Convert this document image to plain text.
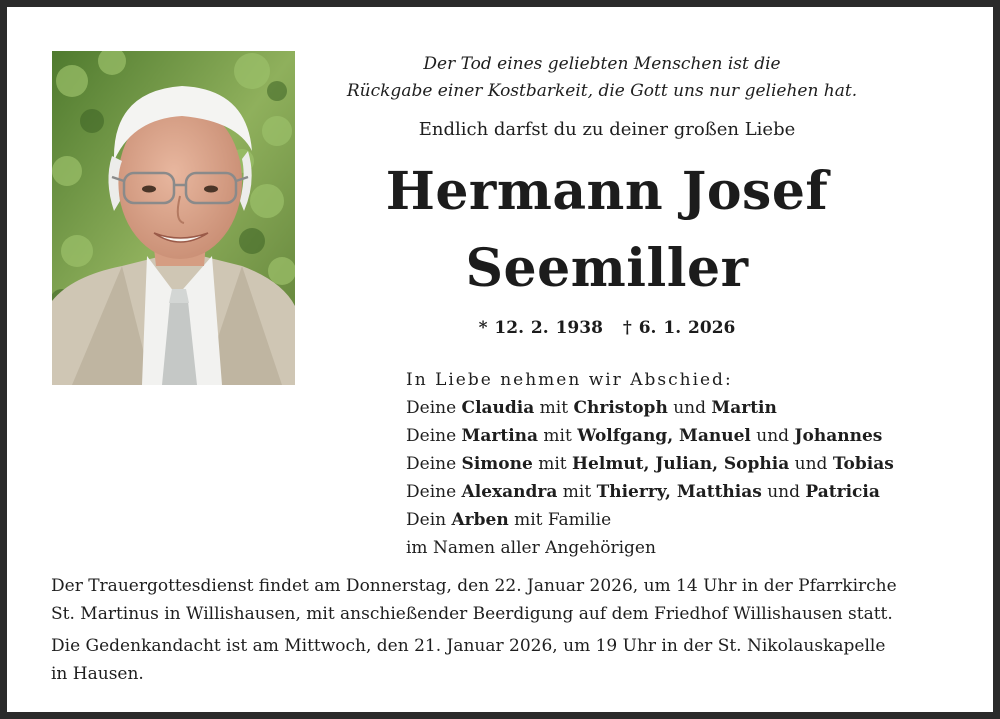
Der Tod eines geliebten Menschen ist die
Rückgabe einer Kostbarkeit, die Gott uns nur geliehen hat.
Endlich darfst du zu deiner großen Liebe
Hermann Josef
Seemiller
* 12. 2. 1938 † 6. 1. 2026
In Liebe nehmen wir Abschied:
Deine Claudia mit Christoph und Martin
Deine Martina mit Wolfgang, Manuel und Johannes
Deine Simone mit Helmut, Julian, Sophia und Tobias
Deine Alexandra mit Thierry, Matthias und Patricia
Dein Arben mit Familie
im Namen aller Angehörigen

Der Trauergottesdienst findet am Donnerstag, den 22. Januar 2026, um 14 Uhr in der Pfarrkirche
St. Martinus in Willishausen, mit anschießender Beerdigung auf dem Friedhof Willishausen statt.

Die Gedenkandacht ist am Mittwoch, den 21. Januar 2026, um 19 Uhr in der St. Nikolauskapelle
in Hausen.
